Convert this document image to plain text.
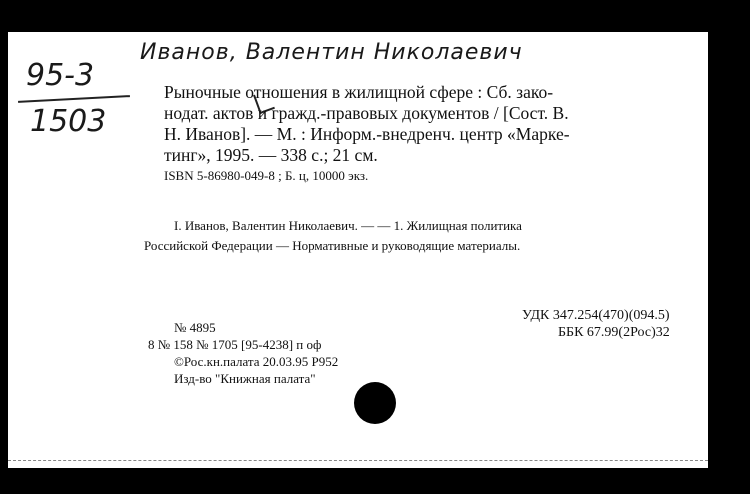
Иванов, Валентин Николаевич
95-3
1503
Рыночные отношения в жилищной сфере : Сб. зако-
нодат. актов и гражд.-правовых документов / [Сост. В.
Н. Иванов]. — М. : Информ.-внедренч. центр «Марке-
тинг», 1995. — 338 с.; 21 см.
ISBN 5-86980-049-8 ; Б. ц, 10000 экз.
I. Иванов, Валентин Николаевич. — — 1. Жилищная политика
Российской Федерации — Нормативные и руководящие материалы.
№ 4895
8 № 158 № 1705 [95-4238] п оф
©Рос.кн.палата 20.03.95 Р952
Изд-во "Книжная палата"
УДК 347.254(470)(094.5)
ББК 67.99(2Рос)32
